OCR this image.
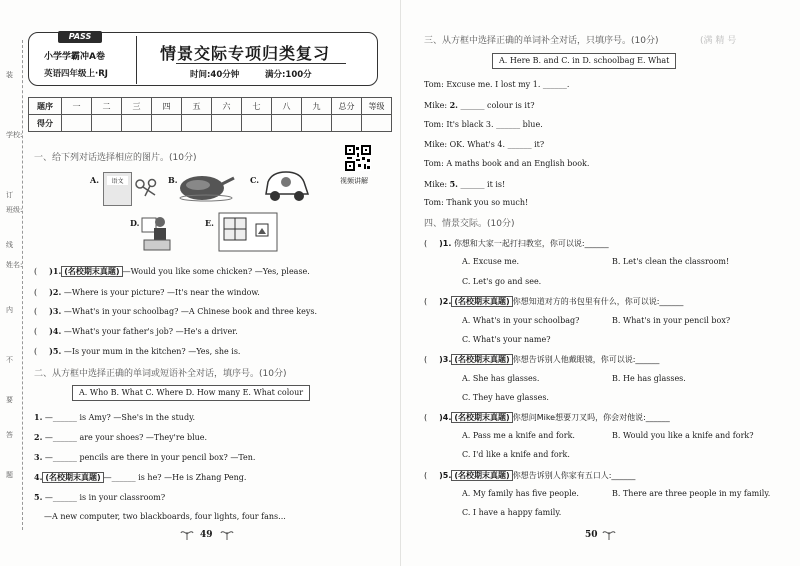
装
学校:
订
班级:
线
姓名:
内
不
要
答
题
PASS
小学学霸冲A卷
英语四年级上·RJ
情景交际专项归类复习
时间:40分钟	满分:100分
题序	一	二	三	四	五	六	七	八	九	总分	等级
得分											
一、给下列对话选择相应的图片。(10分)
视频讲解
A.	语文	B.	C.
D.	E.
( )1. (名校期末真题) —Would you like some chicken? —Yes, please.
( )2. —Where is your picture? —It's near the window.
( )3. —What's in your schoolbag? —A Chinese book and three keys.
( )4. —What's your father's job? —He's a driver.
( )5. —Is your mum in the kitchen? —Yes, she is.
二、从方框中选择正确的单词或短语补全对话，填序号。(10分)
A. Who B. What C. Where D. How many E. What colour
1. —______ is Amy? —She's in the study.
2. —______ are your shoes? —They're blue.
3. —______ pencils are there in your pencil box? —Ten.
4. (名校期末真题) —______ is he? —He is Zhang Peng.
5. —______ is in your classroom?
—A new computer, two blackboards, four lights, four fans...
49
(满 精 号
三、从方框中选择正确的单词补全对话，只填序号。(10分)
A. Here B. and C. in D. schoolbag E. What
Tom: Excuse me. I lost my 1. ______.
Mike: 2. ______ colour is it?
Tom: It's black 3. ______ blue.
Mike: OK. What's 4. ______ it?
Tom: A maths book and an English book.
Mike: 5. ______ it is!
Tom: Thank you so much!
四、情景交际。(10分)
( )1. 你想和大家一起打扫教室，你可以说:______
A. Excuse me.	B. Let's clean the classroom!
C. Let's go and see.
( )2. (名校期末真题) 你想知道对方的书包里有什么，你可以说:______
A. What's in your schoolbag?	B. What's in your pencil box?
C. What's your name?
( )3. (名校期末真题) 你想告诉别人他戴眼镜，你可以说:______
A. She has glasses.	B. He has glasses.
C. They have glasses.
( )4. (名校期末真题) 你想问Mike想要刀叉吗，你会对他说:______
A. Pass me a knife and fork.	B. Would you like a knife and fork?
C. I'd like a knife and fork.
( )5. (名校期末真题) 你想告诉别人你家有五口人:______
A. My family has five people.	B. There are three people in my family.
C. I have a happy family.
50
